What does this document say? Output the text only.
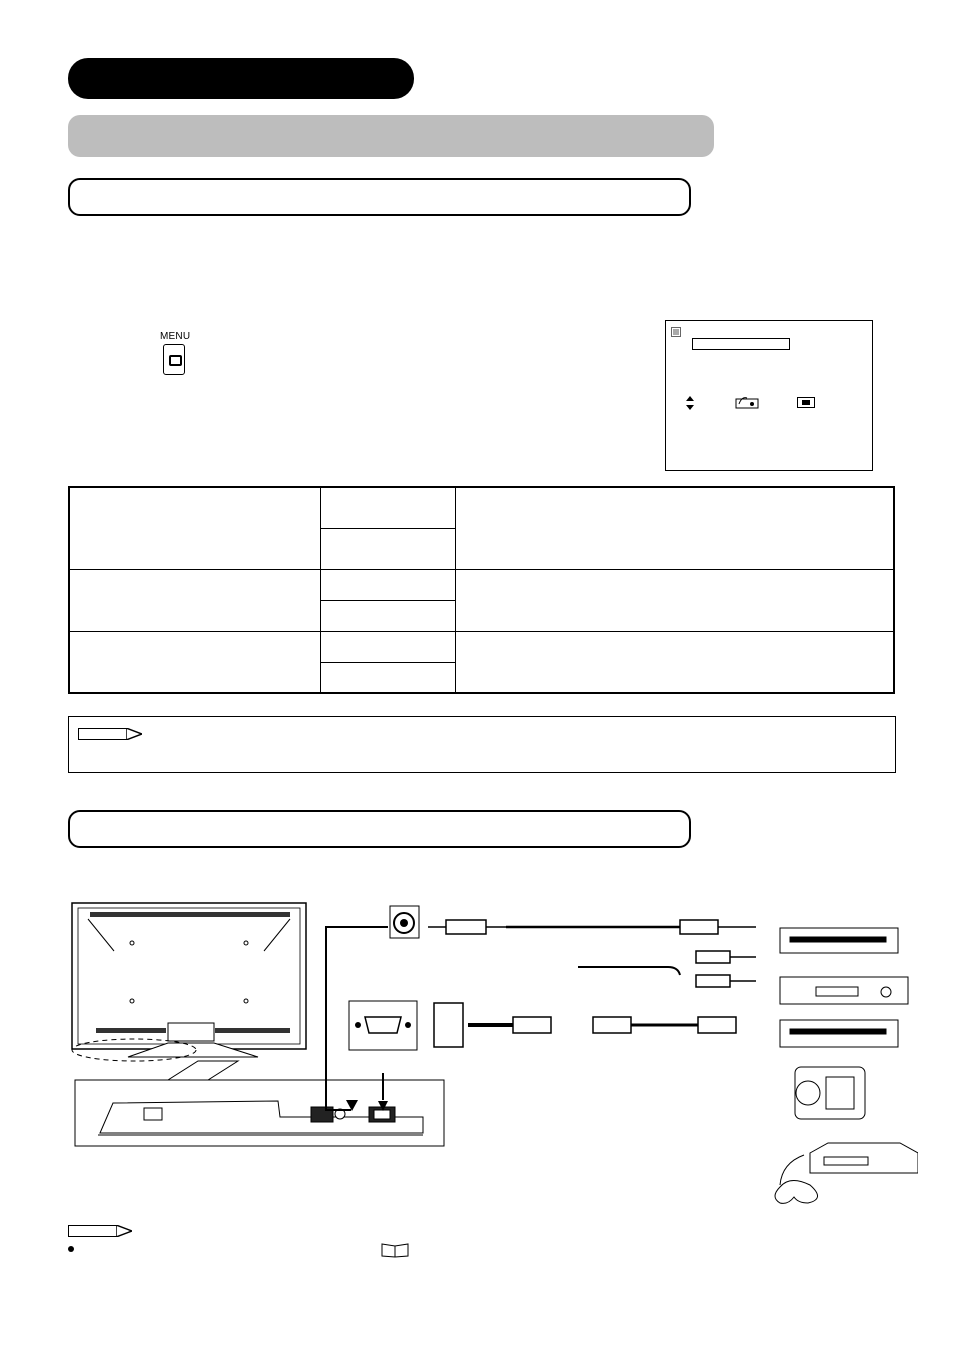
MENU
